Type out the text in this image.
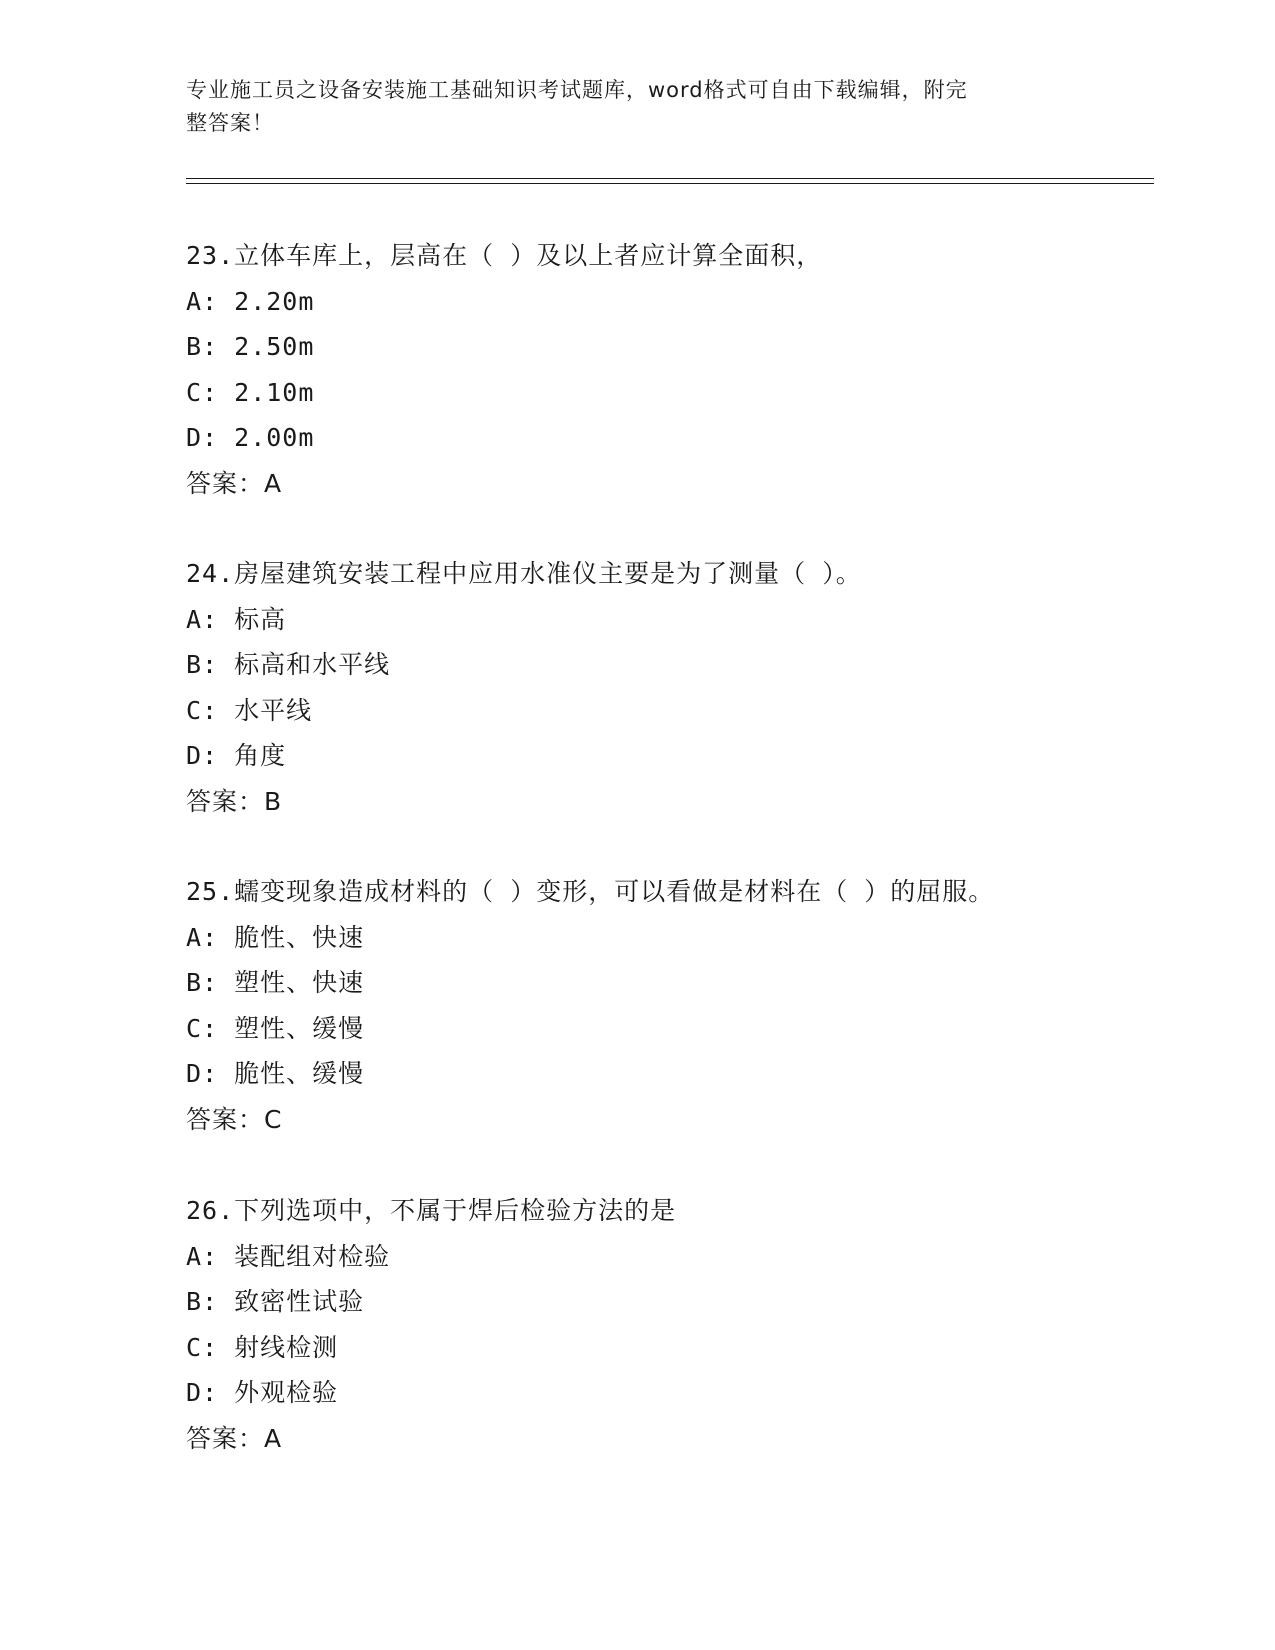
专业施工员之设备安装施工基础知识考试题库，word格式可自由下载编辑，附完
整答案！
23.立体车库上，层高在（ ）及以上者应计算全面积，
A: 2.20m
B: 2.50m
C: 2.10m
D: 2.00m
答案：A
24.房屋建筑安装工程中应用水准仪主要是为了测量（ ）。
A: 标高
B: 标高和水平线
C: 水平线
D: 角度
答案：B
25.蠕变现象造成材料的（ ）变形，可以看做是材料在（ ）的屈服。
A: 脆性、快速
B: 塑性、快速
C: 塑性、缓慢
D: 脆性、缓慢
答案：C
26.下列选项中，不属于焊后检验方法的是
A: 装配组对检验
B: 致密性试验
C: 射线检测
D: 外观检验
答案：A
